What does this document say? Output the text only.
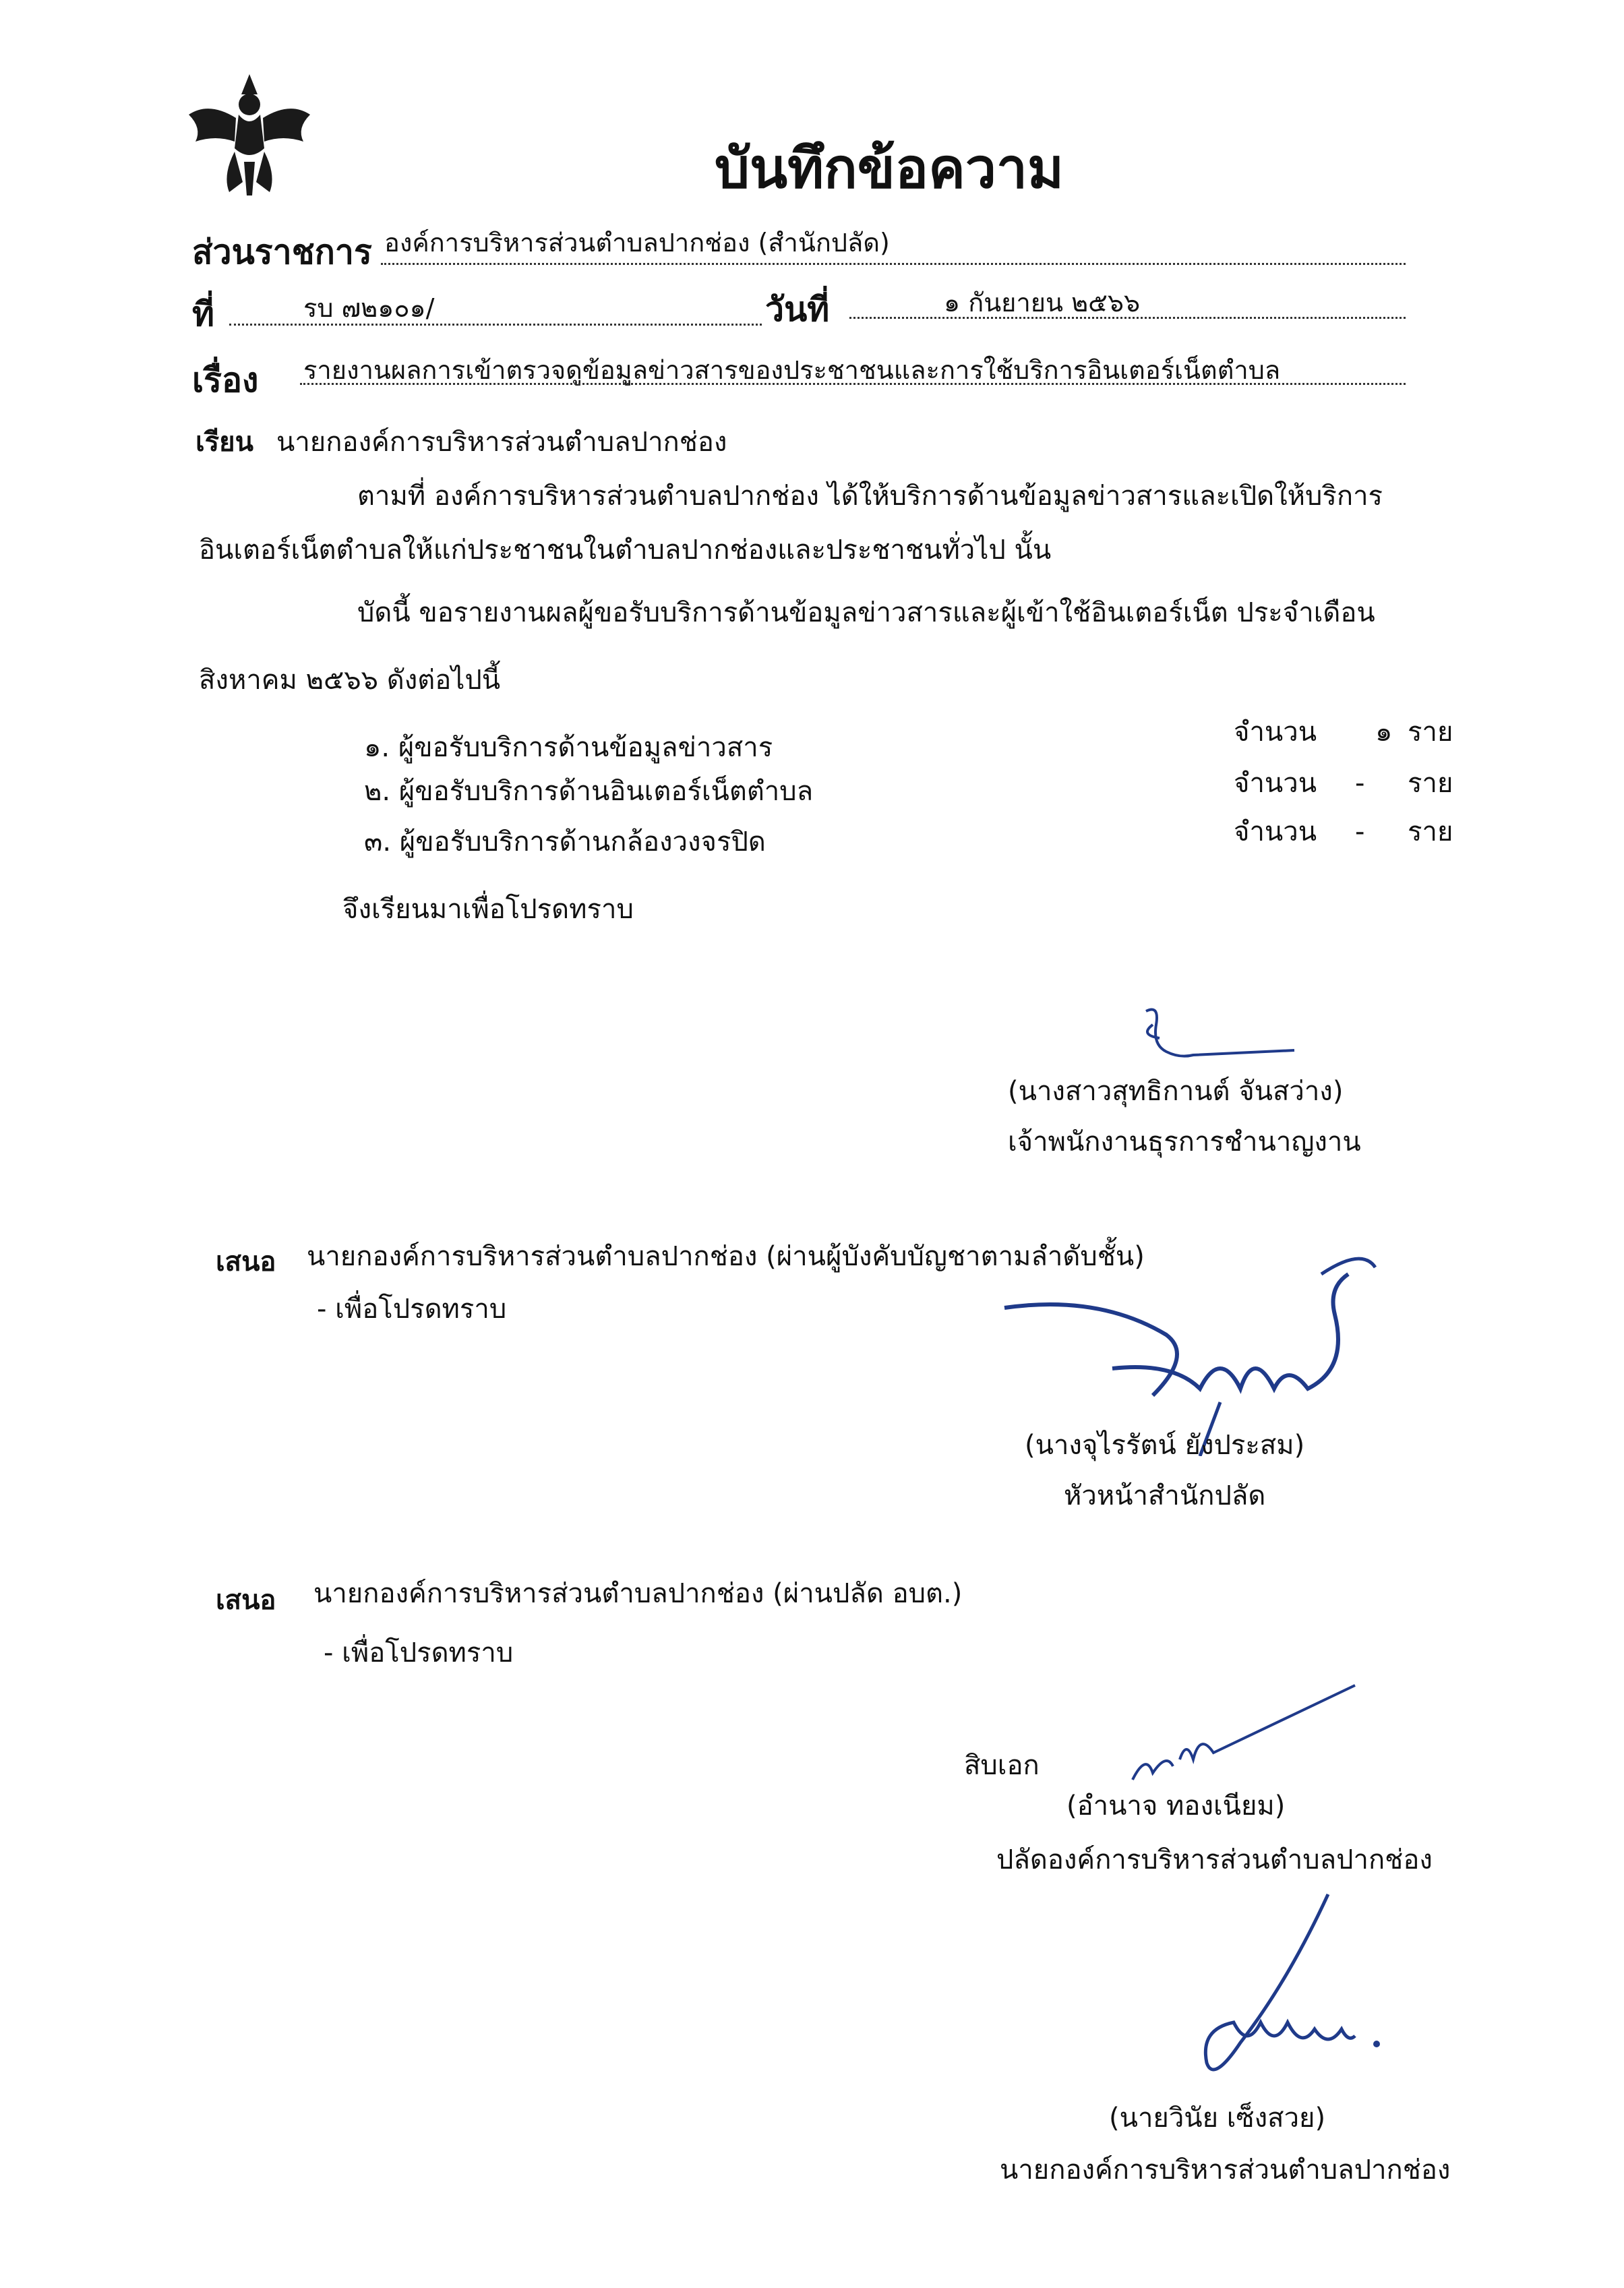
บันทึกข้อความ
ส่วนราชการ องค์การบริหารส่วนตำบลปากช่อง (สำนักปลัด)
ที่	รบ ๗๒๑๐๑/	วันที่	๑ กันยายน ๒๕๖๖
เรื่อง รายงานผลการเข้าตรวจดูข้อมูลข่าวสารของประชาชนและการใช้บริการอินเตอร์เน็ตตำบล
เรียน นายกองค์การบริหารส่วนตำบลปากช่อง
ตามที่ องค์การบริหารส่วนตำบลปากช่อง ได้ให้บริการด้านข้อมูลข่าวสารและเปิดให้บริการ
อินเตอร์เน็ตตำบลให้แก่ประชาชนในตำบลปากช่องและประชาชนทั่วไป นั้น
บัดนี้ ขอรายงานผลผู้ขอรับบริการด้านข้อมูลข่าวสารและผู้เข้าใช้อินเตอร์เน็ต ประจำเดือน
สิงหาคม ๒๕๖๖ ดังต่อไปนี้
๑. ผู้ขอรับบริการด้านข้อมูลข่าวสาร	จำนวน ๑ ราย
๒. ผู้ขอรับบริการด้านอินเตอร์เน็ตตำบล	จำนวน - ราย
๓. ผู้ขอรับบริการด้านกล้องวงจรปิด	จำนวน - ราย
จึงเรียนมาเพื่อโปรดทราบ
(นางสาวสุทธิกานต์ จันสว่าง)
เจ้าพนักงานธุรการชำนาญงาน
เสนอ นายกองค์การบริหารส่วนตำบลปากช่อง (ผ่านผู้บังคับบัญชาตามลำดับชั้น)
- เพื่อโปรดทราบ
(นางจุไรรัตน์ ยังประสม)
หัวหน้าสำนักปลัด
เสนอ นายกองค์การบริหารส่วนตำบลปากช่อง (ผ่านปลัด อบต.)
- เพื่อโปรดทราบ
สิบเอก
(อำนาจ ทองเนียม)
ปลัดองค์การบริหารส่วนตำบลปากช่อง
(นายวินัย เซ็งสวย)
นายกองค์การบริหารส่วนตำบลปากช่อง
